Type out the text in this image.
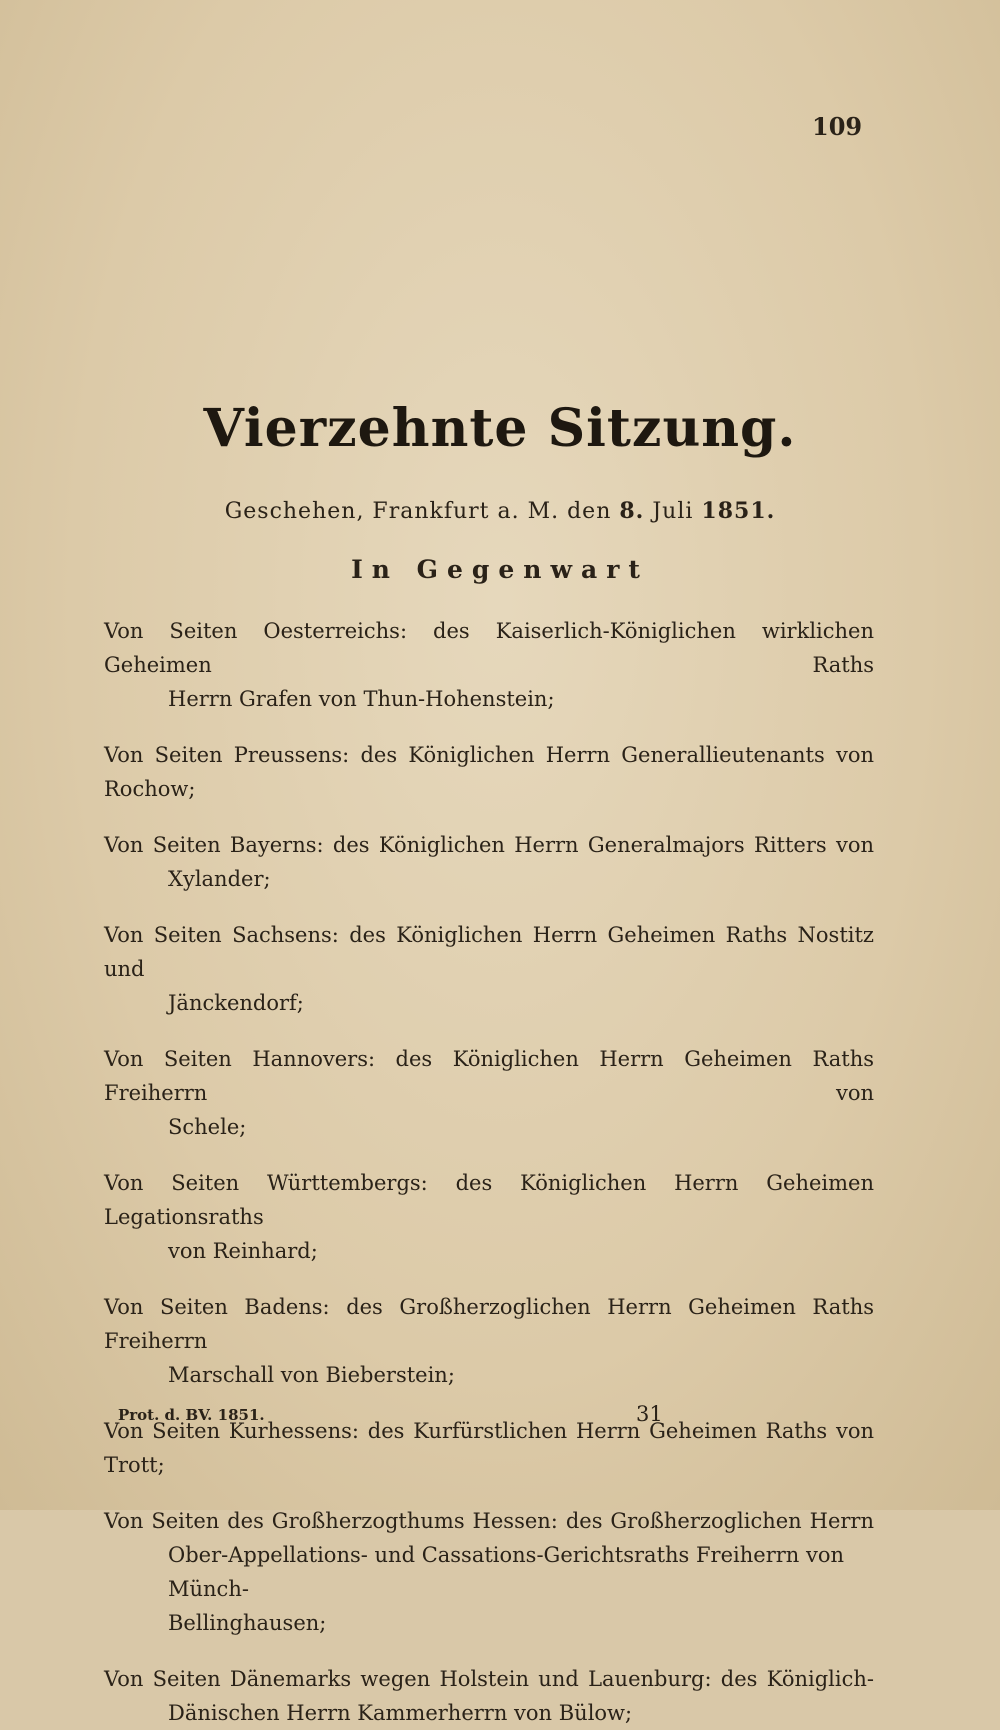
109
Vierzehnte Sitzung.
Geschehen, Frankfurt a. M. den 8. Juli 1851.
In Gegenwart
Von Seiten Oesterreichs: des Kaiserlich-Königlichen wirklichen Geheimen Raths
Herrn Grafen von Thun-Hohenstein;
Von Seiten Preussens: des Königlichen Herrn Generallieutenants von Rochow;
Von Seiten Bayerns: des Königlichen Herrn Generalmajors Ritters von
Xylander;
Von Seiten Sachsens: des Königlichen Herrn Geheimen Raths Nostitz und
Jänckendorf;
Von Seiten Hannovers: des Königlichen Herrn Geheimen Raths Freiherrn von
Schele;
Von Seiten Württembergs: des Königlichen Herrn Geheimen Legationsraths
von Reinhard;
Von Seiten Badens: des Großherzoglichen Herrn Geheimen Raths Freiherrn
Marschall von Bieberstein;
Von Seiten Kurhessens: des Kurfürstlichen Herrn Geheimen Raths von Trott;
Von Seiten des Großherzogthums Hessen: des Großherzoglichen Herrn
Ober-Appellations- und Cassations-Gerichtsraths Freiherrn von Münch-
Bellinghausen;
Von Seiten Dänemarks wegen Holstein und Lauenburg: des Königlich-
Dänischen Herrn Kammerherrn von Bülow;
Prot. d. BV. 1851.	31
